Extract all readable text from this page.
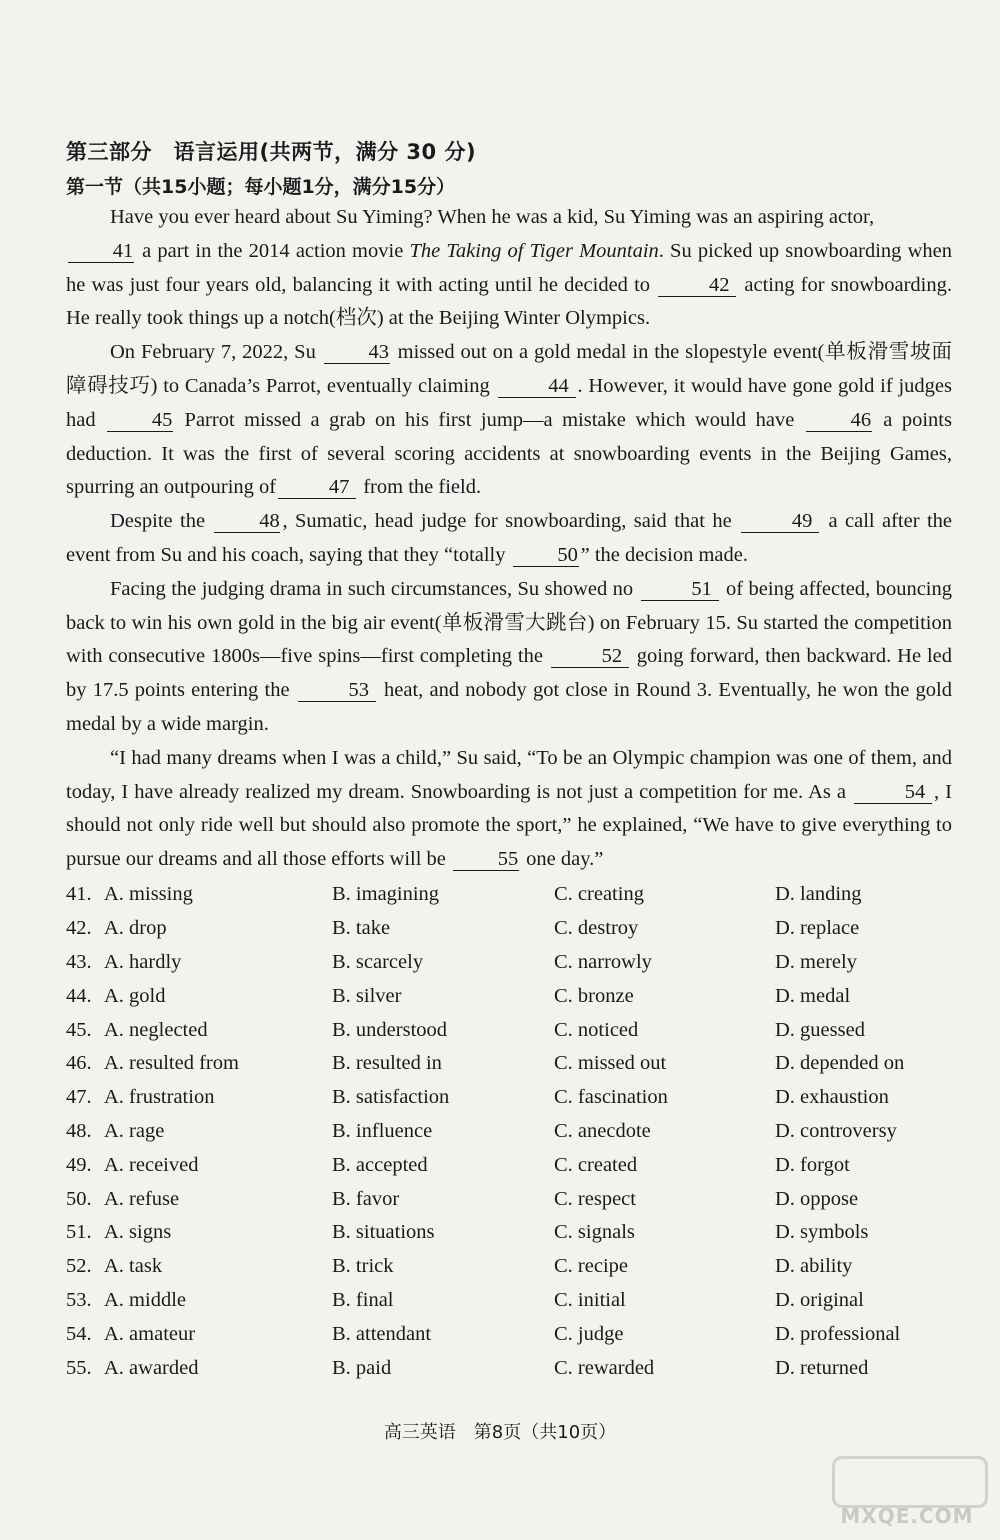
第三部分　语言运用(共两节，满分 30 分)
第一节（共15小题；每小题1分，满分15分）

Have you ever heard about Su Yiming? When he was a kid, Su Yiming was an aspiring actor,
41 a part in the 2014 action movie The Taking of Tiger Mountain. Su picked up snowboarding when he was just four years old, balancing it with acting until he decided to	42 acting for snowboarding. He really took things up a notch(档次) at the Beijing Winter Olympics.

On February 7, 2022, Su 43 missed out on a gold medal in the slopestyle event(单板滑雪坡面障碍技巧) to Canada’s Parrot, eventually claiming	44 . However, it would have gone gold if judges had 45 Parrot missed a grab on his first jump—a mistake which would have 46 a points deduction. It was the first of several scoring accidents at snowboarding events in the Beijing Games, spurring an outpouring of	47 from the field.

Despite the 48 , Sumatic, head judge for snowboarding, said that he	49 a call after the event from Su and his coach, saying that they “totally 50 ” the decision made.

Facing the judging drama in such circumstances, Su showed no	51 of being affected, bouncing back to win his own gold in the big air event(单板滑雪大跳台) on February 15. Su started the competition with consecutive 1800s—five spins—first completing the	52 going forward, then backward. He led by 17.5 points entering the	53 heat, and nobody got close in Round 3. Eventually, he won the gold medal by a wide margin.

“I had many dreams when I was a child,” Su said, “To be an Olympic champion was one of them, and today, I have already realized my dream. Snowboarding is not just a competition for me. As a	54 , I should not only ride well but should also promote the sport,” he explained, “We have to give everything to pursue our dreams and all those efforts will be 55 one day.”

41. A. missing	B. imagining	C. creating	D. landing
42. A. drop	B. take	C. destroy	D. replace
43. A. hardly	B. scarcely	C. narrowly	D. merely
44. A. gold	B. silver	C. bronze	D. medal
45. A. neglected	B. understood	C. noticed	D. guessed
46. A. resulted from	B. resulted in	C. missed out	D. depended on
47. A. frustration	B. satisfaction	C. fascination	D. exhaustion
48. A. rage	B. influence	C. anecdote	D. controversy
49. A. received	B. accepted	C. created	D. forgot
50. A. refuse	B. favor	C. respect	D. oppose
51. A. signs	B. situations	C. signals	D. symbols
52. A. task	B. trick	C. recipe	D. ability
53. A. middle	B. final	C. initial	D. original
54. A. amateur	B. attendant	C. judge	D. professional
55. A. awarded	B. paid	C. rewarded	D. returned
高三英语　第8页（共10页）
MXQE.COM
